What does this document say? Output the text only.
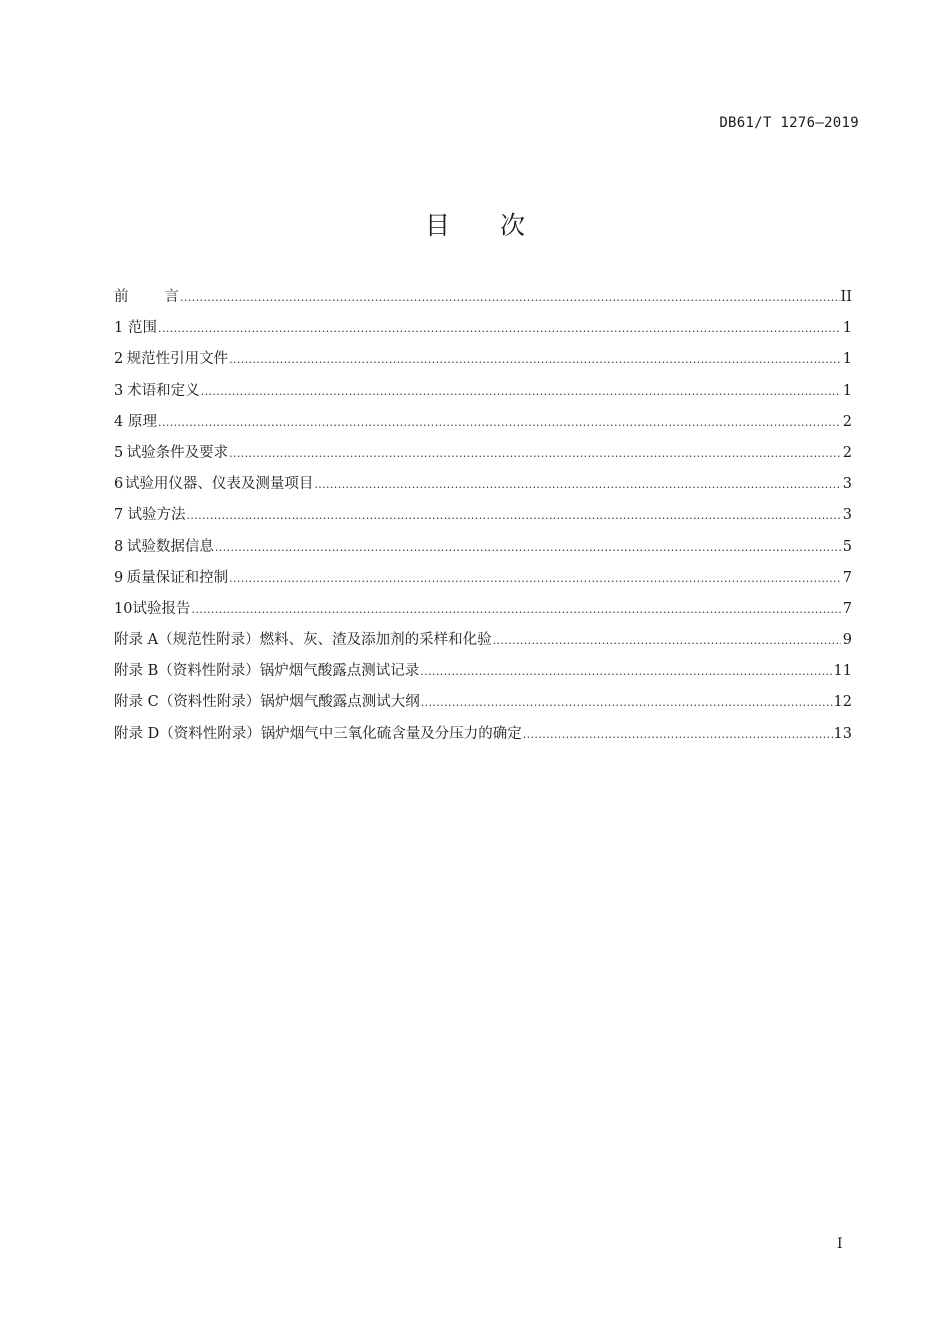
DB61/T 1276—2019
目 次
前 言 .....	II
1 范围 .....	1
2 规范性引用文件 .....	1
3 术语和定义 .....	1
4 原理 .....	2
5 试验条件及要求 .....	2
6 试验用仪器、仪表及测量项目 .....	3
7 试验方法 .....	3
8 试验数据信息 .....	5
9 质量保证和控制 .....	7
10 试验报告 .....	7
附录 A（规范性附录） 燃料、灰、渣及添加剂的采样和化验 .....	9
附录 B（资料性附录） 锅炉烟气酸露点测试记录 .....	11
附录 C（资料性附录） 锅炉烟气酸露点测试大纲 .....	12
附录 D（资料性附录） 锅炉烟气中三氧化硫含量及分压力的确定 .....	13
I
